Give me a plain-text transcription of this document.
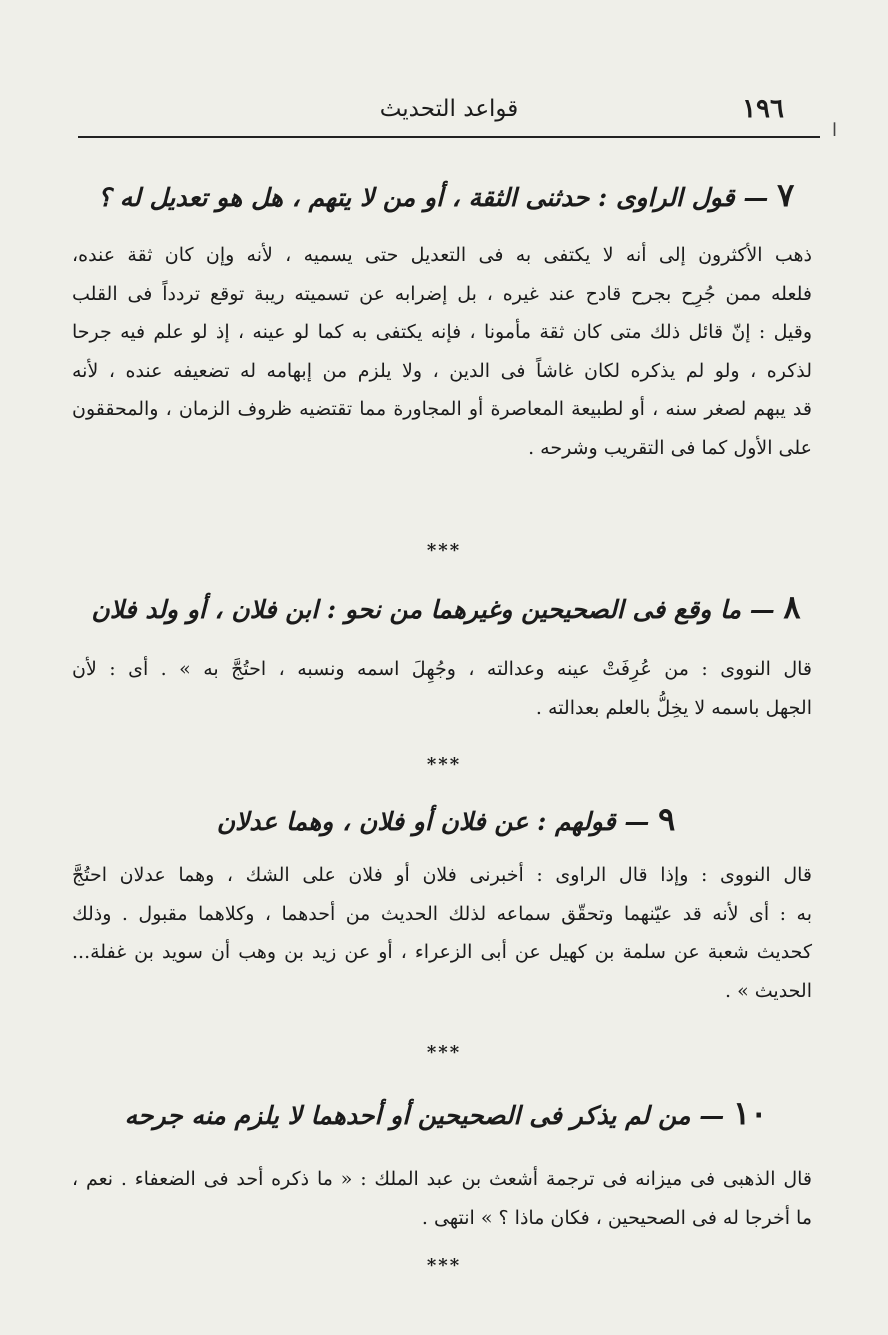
١٩٦
قواعد التحديث
ا
٧ — قول الراوى : حدثنى الثقة ، أو من لا يتهم ، هل هو تعديل له ؟
ذهب الأكثرون إلى أنه لا يكتفى به فى التعديل حتى يسميه ، لأنه وإن كان ثقة عنده،
فلعله ممن جُرِح بجرح قادح عند غيره ، بل إضرابه عن تسميته ريبة توقع تردداً فى القلب
وقيل : إنّ قائل ذلك متى كان ثقة مأمونا ، فإنه يكتفى به كما لو عينه ، إذ لو علم فيه جرحا
لذكره ، ولو لم يذكره لكان غاشاً فى الدين ، ولا يلزم من إبهامه له تضعيفه عنده ، لأنه
قد يبهم لصغر سنه ، أو لطبيعة المعاصرة أو المجاورة مما تقتضيه ظروف الزمان ، والمحققون
على الأول كما فى التقريب وشرحه .
***
٨ — ما وقع فى الصحيحين وغيرهما من نحو : ابن فلان ، أو ولد فلان
قال النووى : من عُرِفَتْ عينه وعدالته ، وجُهِلَ اسمه ونسبه ، احتُجَّ به » . أى : لأن
الجهل باسمه لا يخِلُّ بالعلم بعدالته .
***
٩ — قولهم : عن فلان أو فلان ، وهما عدلان
قال النووى : وإذا قال الراوى : أخبرنى فلان أو فلان على الشك ، وهما عدلان احتُجَّ
به : أى لأنه قد عيّنهما وتحقّق سماعه لذلك الحديث من أحدهما ، وكلاهما مقبول . وذلك
كحديث شعبة عن سلمة بن كهيل عن أبى الزعراء ، أو عن زيد بن وهب أن سويد بن غفلة...
الحديث » .
***
١٠ — من لم يذكر فى الصحيحين أو أحدهما لا يلزم منه جرحه
قال الذهبى فى ميزانه فى ترجمة أشعث بن عبد الملك : « ما ذكره أحد فى الضعفاء . نعم ،
ما أخرجا له فى الصحيحين ، فكان ماذا ؟ » انتهى .
***
